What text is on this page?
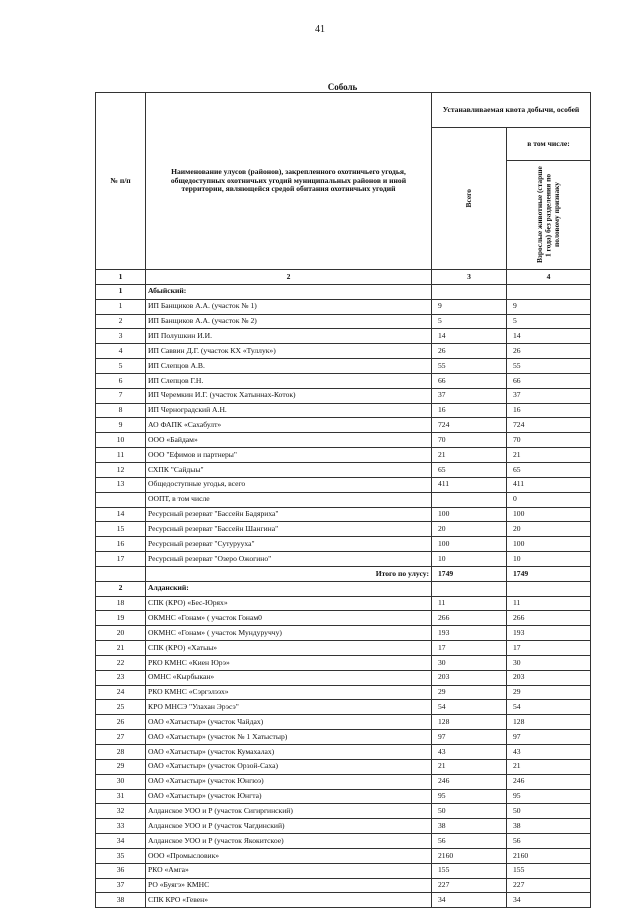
41
Соболь
№ п/п	Наименование улусов (районов), закрепленного охотничьего угодья, общедоступных охотничьих угодий муниципальных районов и иной территории, являющейся средой обитания охотничьих угодий	Устанавливаемая квота добычи, особей	

		Всего	в том числе:

			Взрослые животные (старше 1 года) без разделения по половому признаку

1	2	3	4
1	Абыйский:		
1	ИП Банщиков А.А. (участок № 1)	9	9
2	ИП Банщиков А.А. (участок № 2)	5	5
3	ИП Полушкин И.И.	14	14
4	ИП Саввин Д.Г. (участок КХ «Туллук»)	26	26
5	ИП Слепцов А.В.	55	55
6	ИП Слепцов Г.Н.	66	66
7	ИП Черемкин И.Г. (участок Хатыннах-Коток)	37	37
8	ИП Черноградский А.Н.	16	16
9	АО ФАПК «Сахабулт»	724	724
10	ООО «Байдам»	70	70
11	ООО "Ефимов и партнеры"	21	21
12	СХПК "Сайдыы"	65	65
13	Общедоступные угодья, всего	411	411
	ООПТ, в том числе		0
14	Ресурсный резерват "Бассейн Бадяриха"	100	100
15	Ресурсный резерват "Бассейн Шангина"	20	20
16	Ресурсный резерват "Сутурууха"	100	100
17	Ресурсный резерват "Озеро Ожогино"	10	10
	Итого по улусу:	1749	1749
2	Алданский:		
18	СПК (КРО) «Бес-Юрях»	11	11
19	ОКМНС «Гонам» ( участок Гонам0	266	266
20	ОКМНС «Гонам» ( участок Мундуруччу)	193	193
21	СПК (КРО) «Хатыы»	17	17
22	РКО КМНС «Киен Юрэ»	30	30
23	ОМНС «Кырбыкан»	203	203
24	РКО КМНС «Сэргэлээх»	29	29
25	КРО МНСЭ "Улахан Эрэсэ"	54	54
26	ОАО «Хатыстыр» (участок Чайдах)	128	128
27	ОАО «Хатыстыр» (участок № 1 Хатыстыр)	97	97
28	ОАО «Хатыстыр» (участок Кумахалах)	43	43
29	ОАО «Хатыстыр» (участок Орзой-Саха)	21	21
30	ОАО «Хатыстыр» (участок Юнгюэ)	246	246
31	ОАО «Хатыстыр» (участок Юнгта)	95	95
32	Алданское УОО и Р (участок Сигиргинский)	50	50
33	Алданское УОО и Р (участок Чагдинский)	38	38
34	Алданское УОО и Р (участок Якокитское)	56	56
35	ООО «Промысловик»	2160	2160
36	РКО «Амга»	155	155
37	РО «Буягэ» КМНС	227	227
38	СПК КРО «Гевен»	34	34
